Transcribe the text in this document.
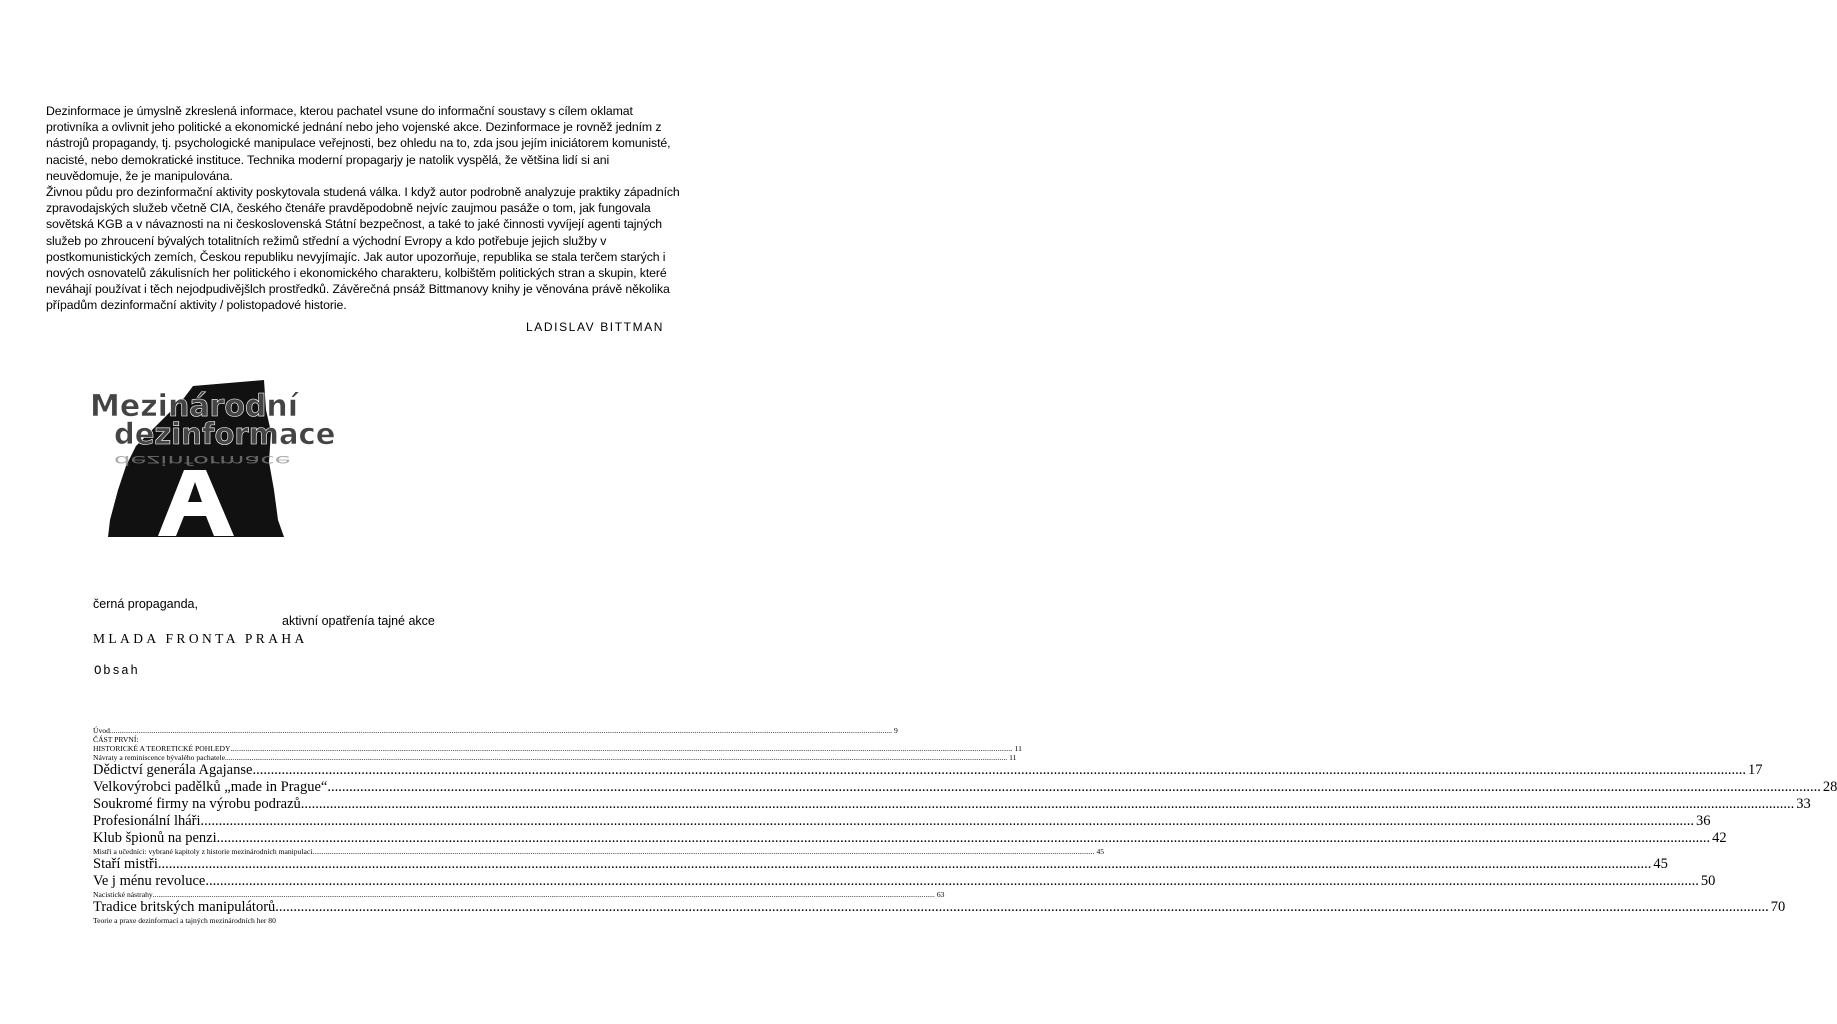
Dezinformace je úmyslně zkreslená informace, kterou pachatel vsune do informační soustavy s cílem oklamat protivníka a ovlivnit jeho politické a ekonomické jednání nebo jeho vojenské akce. Dezinformace je rovněž jedním z nástrojů propagandy, tj. psychologické manipulace veřejnosti, bez ohledu na to, zda jsou jejím iniciátorem komunisté, nacisté, nebo demokratické instituce. Technika moderní propagarjy je natolik vyspělá, že většina lidí si ani neuvědomuje, že je manipulována.

Živnou půdu pro dezinformační aktivity poskytovala studená válka. I když autor podrobně analyzuje praktiky západních zpravodajských služeb včetně CIA, českého čtenáře pravděpodobně nejvíc zaujmou pasáže o tom, jak fungovala sovětská KGB a v návaznosti na ni československá Státní bezpečnost, a také to jaké činnosti vyvíjejí agenti tajných služeb po zhroucení bývalých totalitních režimů střední a východní Evropy a kdo potřebuje jejich služby v postkomunistických zemích, Českou republiku nevyjímajíc. Jak autor upozorňuje, republika se stala terčem starých i nových osnovatelů zákulisních her politického i ekonomického charakteru, kolbištěm politických stran a skupin, které neváhají používat i těch nejodpudivějšlch prostředků. Závěrečná pnsáž Bittmanovy knihy je věnována právě několika případům dezinformační aktivity / polistopadové historie.

LADISLAV BITTMAN
dezinformace
Mezinárodní
dezinformace
A
černá propaganda,
aktivní opatřenía tajné akce
MLADA FRONTA PRAHA
Obsah
Úvod .....	9
ČÁST PRVNÍ:
HISTORICKÉ A TEORETICKÉ POHLEDY .....	11
Návraty a reminiscence bývalého pachatele .....	11
Dědictví generála Agajanse .....	17
Velkovýrobci padělků „made in Prague“ .....	28
Soukromé firmy na výrobu podrazů .....	33
Profesionální lháři .....	36
Klub špionů na penzi .....	42
Mistři a učedníci: vybrané kapitoly z historie mezinárodních manipulací .....	45
Staří mistři .....	45
Ve j ménu revoluce .....	50
Nacistické nástrahy .....	63
Tradice britských manipulátorů .....	70
Teorie a praxe dezinformací a tajných mezinárodních her 80
